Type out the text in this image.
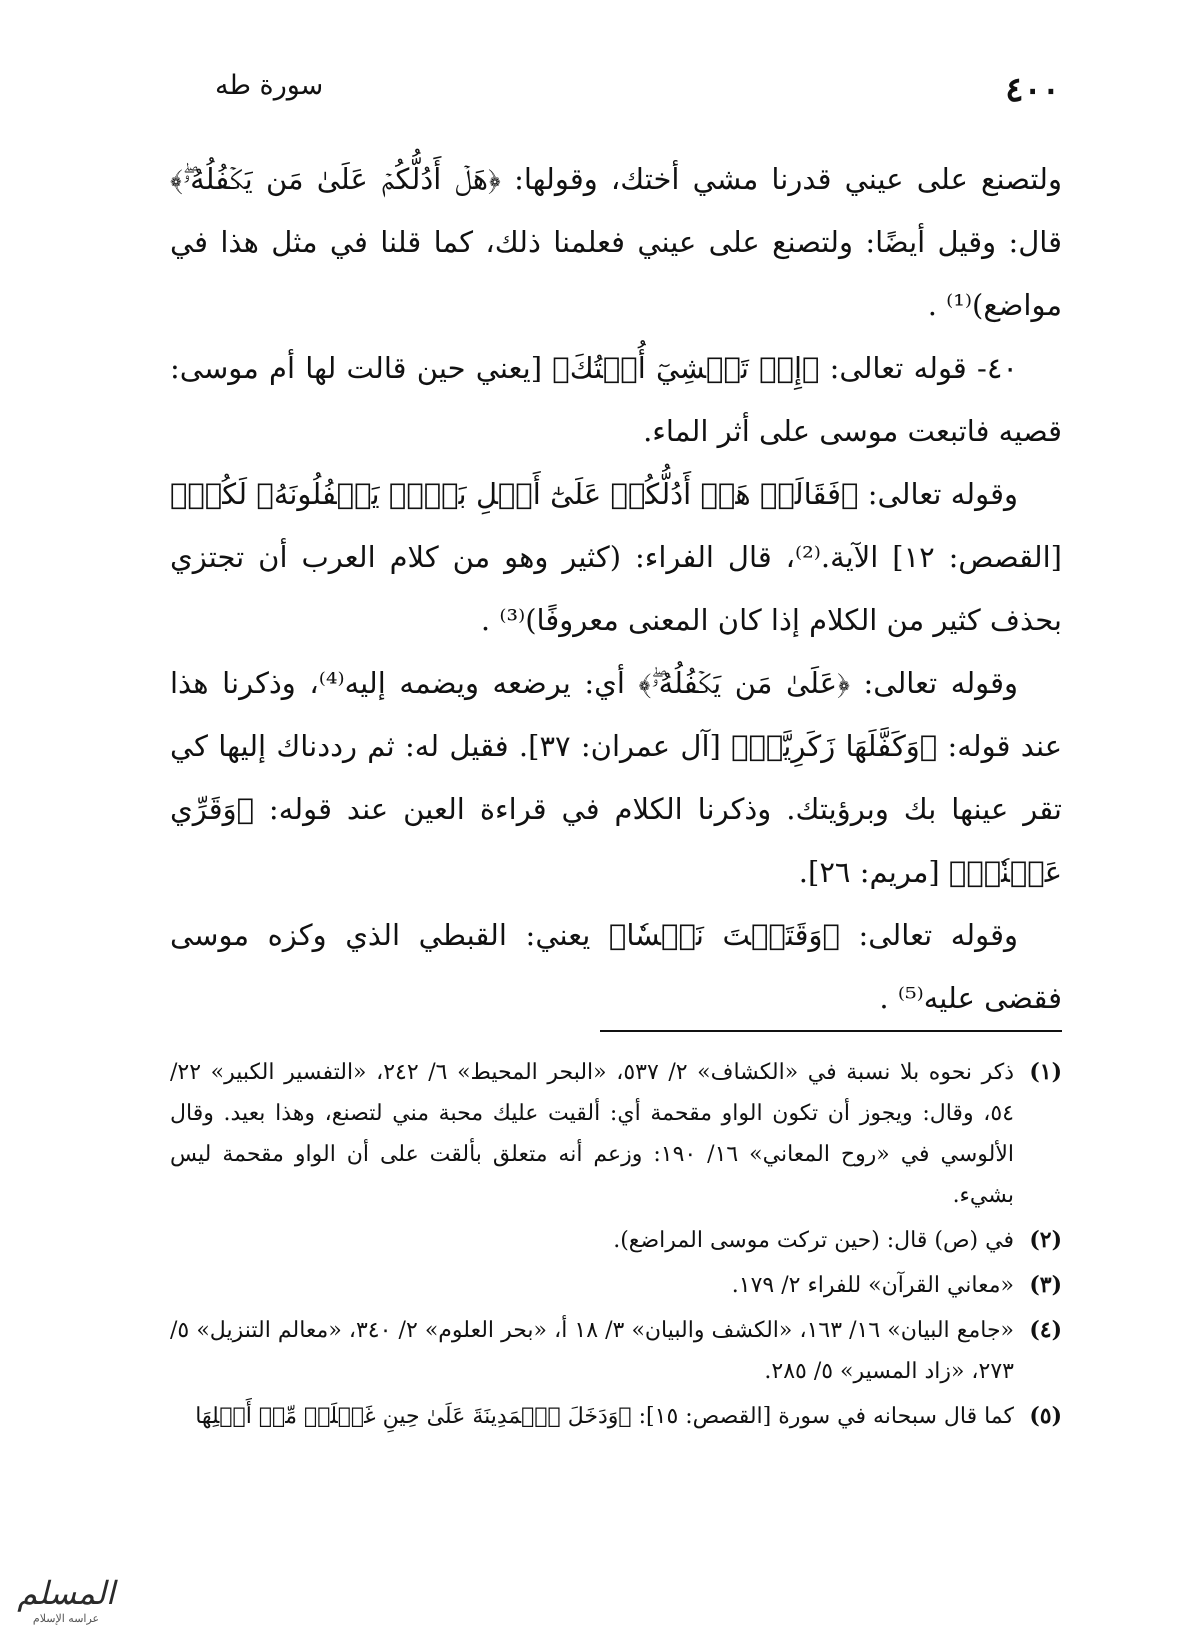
٤٠٠
سورة طه

ولتصنع على عيني قدرنا مشي أختك، وقولها: ﴿هَلۡ أَدُلُّكُمۡ عَلَىٰ مَن يَكۡفُلُهُۥۖ﴾ قال: وقيل أيضًا: ولتصنع على عيني فعلمنا ذلك، كما قلنا في مثل هذا في مواضع)⁽¹⁾ .

٤٠- قوله تعالى: ﴿إِذۡ تَمۡشِيٓ أُخۡتُكَ﴾ [يعني حين قالت لها أم موسى: قصيه فاتبعت موسى على أثر الماء.

وقوله تعالى: ﴿فَقَالَتۡ هَلۡ أَدُلُّكُمۡ عَلَىٰٓ أَهۡلِ بَيۡتٖ يَكۡفُلُونَهُۥ لَكُمۡ﴾ [القصص: ١٢] الآية.⁽²⁾، قال الفراء: (كثير وهو من كلام العرب أن تجتزي بحذف كثير من الكلام إذا كان المعنى معروفًا)⁽³⁾ .

وقوله تعالى: ﴿عَلَىٰ مَن يَكۡفُلُهُۥۖ﴾ أي: يرضعه ويضمه إليه⁽⁴⁾، وذكرنا هذا عند قوله: ﴿وَكَفَّلَهَا زَكَرِيَّاۖ﴾ [آل عمران: ٣٧]. فقيل له: ثم رددناك إليها كي تقر عينها بك وبرؤيتك. وذكرنا الكلام في قراءة العين عند قوله: ﴿وَقَرِّي عَيۡنٗاۖ﴾ [مريم: ٢٦].

وقوله تعالى: ﴿وَقَتَلۡتَ نَفۡسٗا﴾ يعني: القبطي الذي وكزه موسى فقضى عليه⁽⁵⁾ .

(١)
ذكر نحوه بلا نسبة في «الكشاف» ٢/ ٥٣٧، «البحر المحيط» ٦/ ٢٤٢، «التفسير الكبير» ٢٢/ ٥٤، وقال: ويجوز أن تكون الواو مقحمة أي: ألقيت عليك محبة مني لتصنع، وهذا بعيد. وقال الألوسي في «روح المعاني» ١٦/ ١٩٠: وزعم أنه متعلق بألقت على أن الواو مقحمة ليس بشيء.
(٢)
في (ص) قال: (حين تركت موسى المراضع).
(٣)
«معاني القرآن» للفراء ٢/ ١٧٩.
(٤)
«جامع البيان» ١٦/ ١٦٣، «الكشف والبيان» ٣/ ١٨ أ، «بحر العلوم» ٢/ ٣٤٠، «معالم التنزيل» ٥/ ٢٧٣، «زاد المسير» ٥/ ٢٨٥.
(٥)
كما قال سبحانه في سورة [القصص: ١٥]: ﴿وَدَخَلَ ٱلۡمَدِينَةَ عَلَىٰ حِينِ غَفۡلَةٖ مِّنۡ أَهۡلِهَا
المسلم
عراسه الإسلام
